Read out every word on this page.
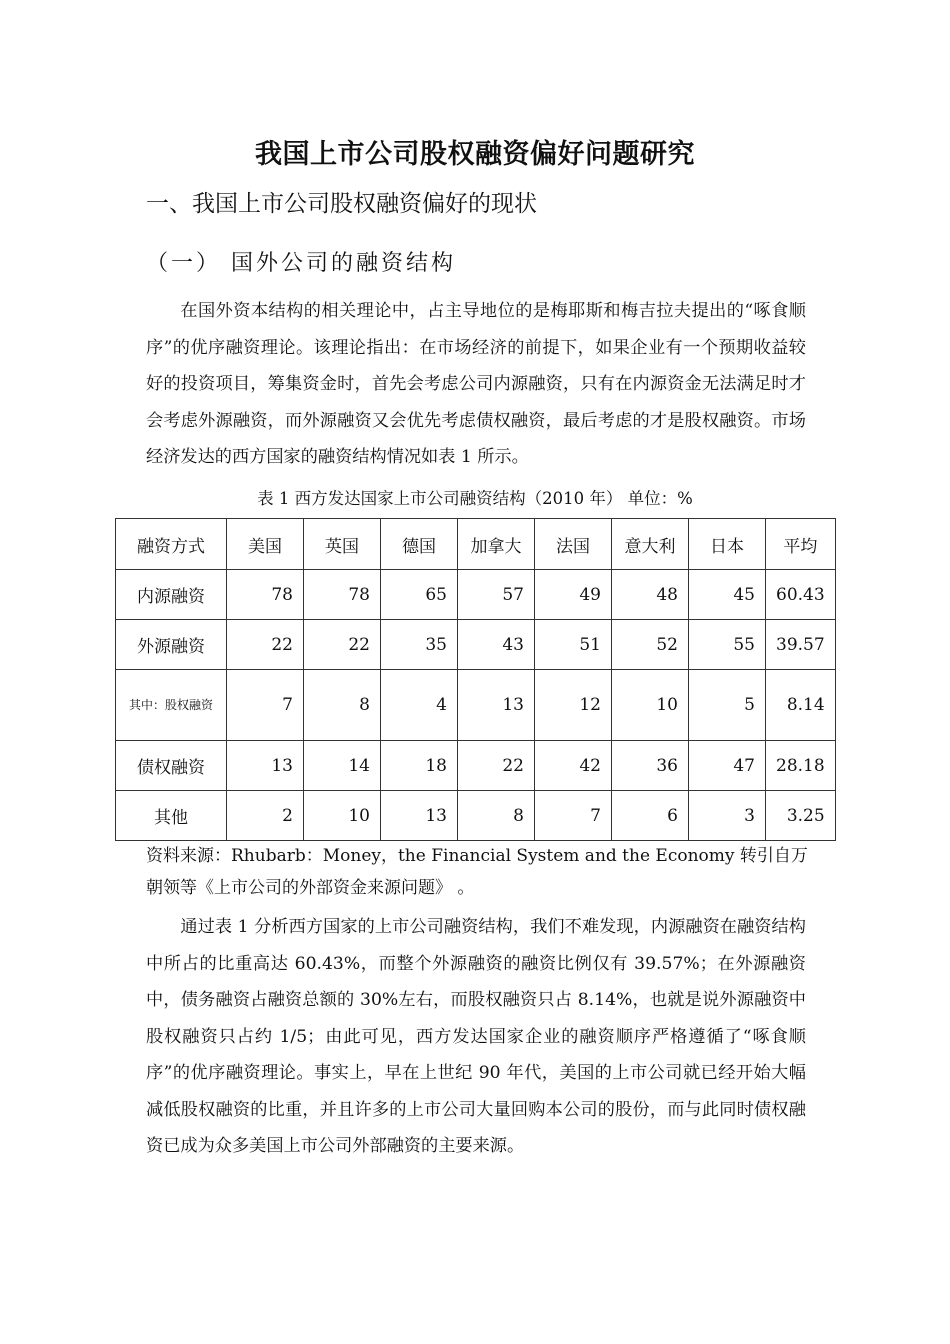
我国上市公司股权融资偏好问题研究
一、我国上市公司股权融资偏好的现状
（一） 国外公司的融资结构

在国外资本结构的相关理论中，占主导地位的是梅耶斯和梅吉拉夫提出的“啄食顺序”的优序融资理论。该理论指出：在市场经济的前提下，如果企业有一个预期收益较好的投资项目，筹集资金时，首先会考虑公司内源融资，只有在内源资金无法满足时才会考虑外源融资，而外源融资又会优先考虑债权融资，最后考虑的才是股权融资。市场经济发达的西方国家的融资结构情况如表 1 所示。

表 1 西方发达国家上市公司融资结构（2010 年） 单位：%
融资方式	美国	英国	德国	加拿大	法国	意大利	日本	平均
内源融资	78	78	65	57	49	48	45	60.43
外源融资	22	22	35	43	51	52	55	39.57
其中：股权融资	7	8	4	13	12	10	5	8.14
债权融资	13	14	18	22	42	36	47	28.18
其他	2	10	13	8	7	6	3	3.25
资料来源：Rhubarb：Money，the Financial System and the Economy 转引自万朝领等《上市公司的外部资金来源问题》 。

通过表 1 分析西方国家的上市公司融资结构，我们不难发现，内源融资在融资结构中所占的比重高达 60.43%，而整个外源融资的融资比例仅有 39.57%；在外源融资中，债务融资占融资总额的 30%左右，而股权融资只占 8.14%，也就是说外源融资中股权融资只占约 1/5；由此可见，西方发达国家企业的融资顺序严格遵循了“啄食顺序”的优序融资理论。事实上，早在上世纪 90 年代，美国的上市公司就已经开始大幅减低股权融资的比重，并且许多的上市公司大量回购本公司的股份，而与此同时债权融资已成为众多美国上市公司外部融资的主要来源。
